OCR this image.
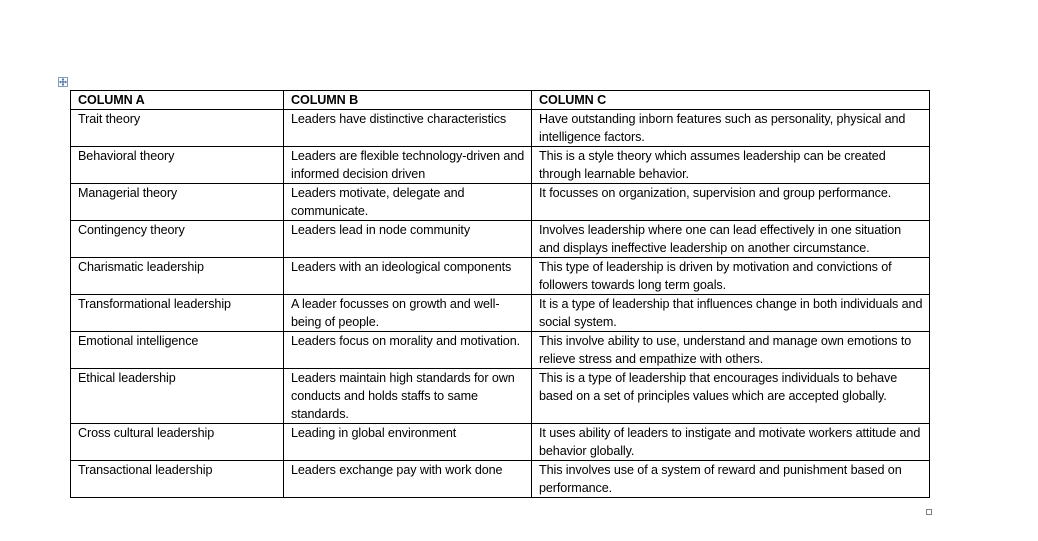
COLUMN A	COLUMN B	COLUMN C
Trait theory	Leaders have distinctive characteristics	Have outstanding inborn features such as personality, physical and intelligence factors.
Behavioral theory	Leaders are flexible technology-driven and informed decision driven	This is a style theory which assumes leadership can be created through learnable behavior.
Managerial theory	Leaders motivate, delegate and communicate.	It focusses on organization, supervision and group performance.
Contingency theory	Leaders lead in node community	Involves leadership where one can lead effectively in one situation and displays ineffective leadership on another circumstance.
Charismatic leadership	Leaders with an ideological components	This type of leadership is driven by motivation and convictions of followers towards long term goals.
Transformational leadership	A leader focusses on growth and well-being of people.	It is a type of leadership that influences change in both individuals and social system.
Emotional intelligence	Leaders focus on morality and motivation.	This involve ability to use, understand and manage own emotions to relieve stress and empathize with others.
Ethical leadership	Leaders maintain high standards for own conducts and holds staffs to same standards.	This is a type of leadership that encourages individuals to behave based on a set of principles values which are accepted globally.
Cross cultural leadership	Leading in global environment	It uses ability of leaders to instigate and motivate workers attitude and behavior globally.
Transactional leadership	Leaders exchange pay with work done	This involves use of a system of reward and punishment based on performance.
